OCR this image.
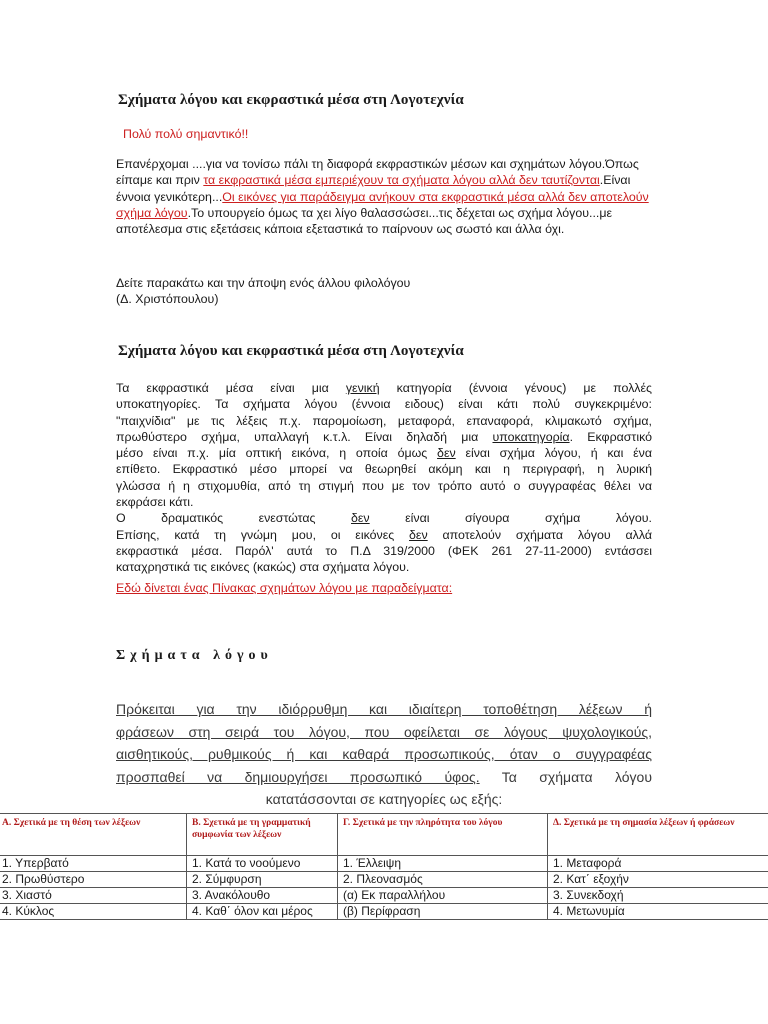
Σχήματα λόγου και εκφραστικά μέσα στη Λογοτεχνία

Πολύ πολύ σημαντικό!!

Επανέρχομαι ....για να τονίσω πάλι τη διαφορά εκφραστικών μέσων και σχημάτων λόγου.Όπως είπαμε και πριν τα εκφραστικά μέσα εμπεριέχουν τα σχήματα λόγου αλλά δεν ταυτίζονται.Είναι έννοια γενικότερη...Οι εικόνες για παράδειγμα ανήκουν στα εκφραστικά μέσα αλλά δεν αποτελούν σχήμα λόγου.Το υπουργείο όμως τα χει λίγο θαλασσώσει...τις δέχεται ως σχήμα λόγου...με αποτέλεσμα στις εξετάσεις κάποια εξεταστικά το παίρνουν ως σωστό και άλλα όχι.

Δείτε παρακάτω και την άποψη ενός άλλου φιλολόγου
(Δ. Χριστόπουλου)

Σχήματα λόγου και εκφραστικά μέσα στη Λογοτεχνία
Τα εκφραστικά μέσα είναι μια γενική κατηγορία (έννοια γένους) με πολλές
υποκατηγορίες. Τα σχήματα λόγου (έννοια ειδους) είναι κάτι πολύ συγκεκριμένο:
"παιχνίδια" με τις λέξεις π.χ. παρομοίωση, μεταφορά, επαναφορά, κλιμακωτό σχήμα,
πρωθύστερο σχήμα, υπαλλαγή κ.τ.λ. Είναι δηλαδή μια υποκατηγορία. Εκφραστικό
μέσο είναι π.χ. μία οπτική εικόνα, η οποία όμως δεν είναι σχήμα λόγου, ή και ένα
επίθετο. Εκφραστικό μέσο μπορεί να θεωρηθεί ακόμη και η περιγραφή, η λυρική
γλώσσα ή η στιχομυθία, από τη στιγμή που με τον τρόπο αυτό ο συγγραφέας θέλει να
εκφράσει κάτι.
Ο δραματικός ενεστώτας δεν είναι σίγουρα σχήμα λόγου.
Επίσης, κατά τη γνώμη μου, οι εικόνες δεν αποτελούν σχήματα λόγου αλλά
εκφραστικά μέσα. Παρόλ' αυτά το Π.Δ 319/2000 (ΦΕΚ 261 27-11-2000) εντάσσει
καταχρηστικά τις εικόνες (κακώς) στα σχήματα λόγου.

Εδώ δίνεται ένας Πίνακας σχημάτων λόγου με παραδείγματα:

Σχήματα λόγου
Πρόκειται για την ιδιόρρυθμη και ιδιαίτερη τοποθέτηση λέξεων ή
φράσεων στη σειρά του λόγου, που οφείλεται σε λόγους ψυχολογικούς,
αισθητικούς, ρυθμικούς ή και καθαρά προσωπικούς, όταν ο συγγραφέας
προσπαθεί να δημιουργήσει προσωπικό ύφος. Τα σχήματα λόγου
κατατάσσονται σε κατηγορίες ως εξής:
Α. Σχετικά με τη θέση των λέξεων	Β. Σχετικά με τη γραμματική συμφωνία των λέξεων	Γ. Σχετικά με την πληρότητα του λόγου	Δ. Σχετικά με τη σημασία λέξεων ή φράσεων
1. Υπερβατό	1. Κατά το νοούμενο	1. Έλλειψη	1. Μεταφορά
2. Πρωθύστερο	2. Σύμφυρση	2. Πλεονασμός	2. Κατ΄ εξοχήν
3. Χιαστό	3. Ανακόλουθο	(α) Εκ παραλλήλου	3. Συνεκδοχή
4. Κύκλος	4. Καθ΄ όλον και μέρος	(β) Περίφραση	4. Μετωνυμία
